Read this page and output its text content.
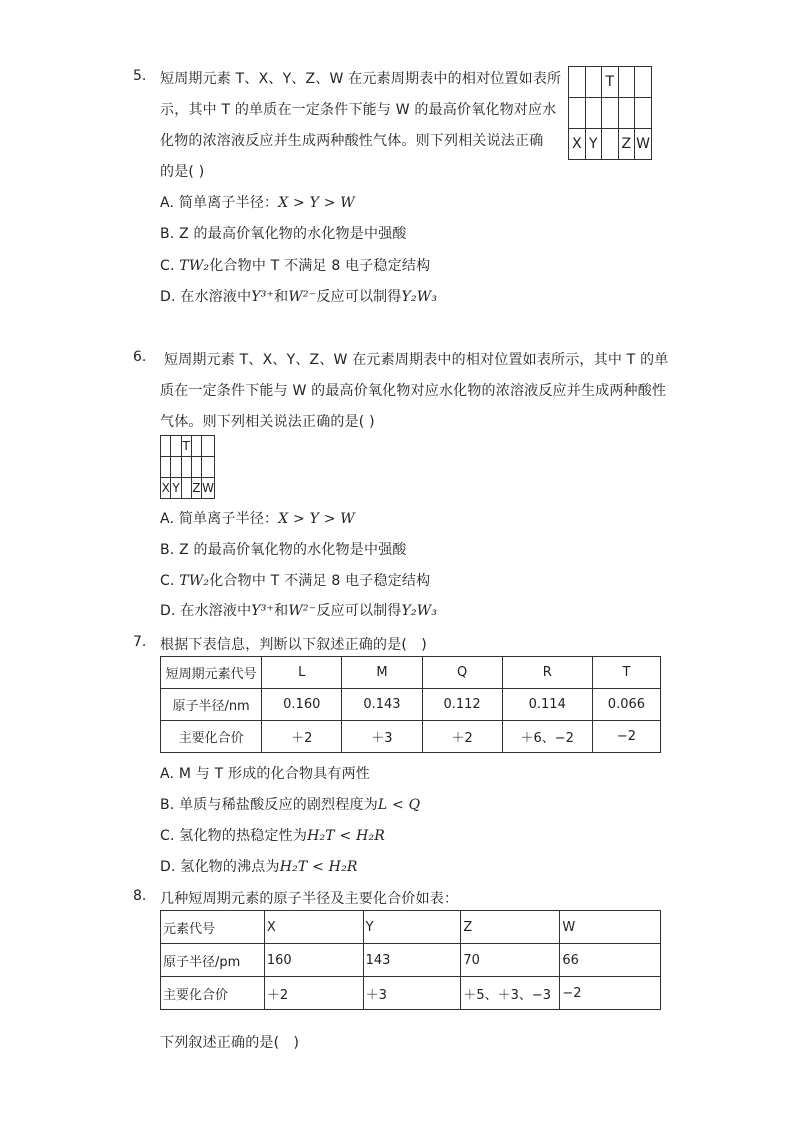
5. 短周期元素 T、X、Y、Z、W 在元素周期表中的相对位置如表所
示，其中 T 的单质在一定条件下能与 W 的最高价氧化物对应水
化物的浓溶液反应并生成两种酸性气体。则下列相关说法正确
的是( )
		T		

X	Y		Z	W
A. 简单离子半径：X > Y > W
B. Z 的最高价氧化物的水化物是中强酸
C. TW₂化合物中 T 不满足 8 电子稳定结构
D. 在水溶液中Y³⁺和W²⁻反应可以制得Y₂W₃
6. 短周期元素 T、X、Y、Z、W 在元素周期表中的相对位置如表所示，其中 T 的单
质在一定条件下能与 W 的最高价氧化物对应水化物的浓溶液反应并生成两种酸性
气体。则下列相关说法正确的是( )
		T		

X	Y		Z	W
A. 简单离子半径：X > Y > W
B. Z 的最高价氧化物的水化物是中强酸
C. TW₂化合物中 T 不满足 8 电子稳定结构
D. 在水溶液中Y³⁺和W²⁻反应可以制得Y₂W₃
7. 根据下表信息，判断以下叙述正确的是(　)
短周期元素代号	L	M	Q	R	T
原子半径/nm	0.160	0.143	0.112	0.114	0.066
主要化合价	＋2	＋3	＋2	＋6、−2	−2
A. M 与 T 形成的化合物具有两性
B. 单质与稀盐酸反应的剧烈程度为L < Q
C. 氢化物的热稳定性为H₂T < H₂R
D. 氢化物的沸点为H₂T < H₂R
8. 几种短周期元素的原子半径及主要化合价如表：
元素代号	X	Y	Z	W
原子半径/pm	160	143	70	66
主要化合价	＋2	＋3	＋5、＋3、−3	−2
下列叙述正确的是(　)
